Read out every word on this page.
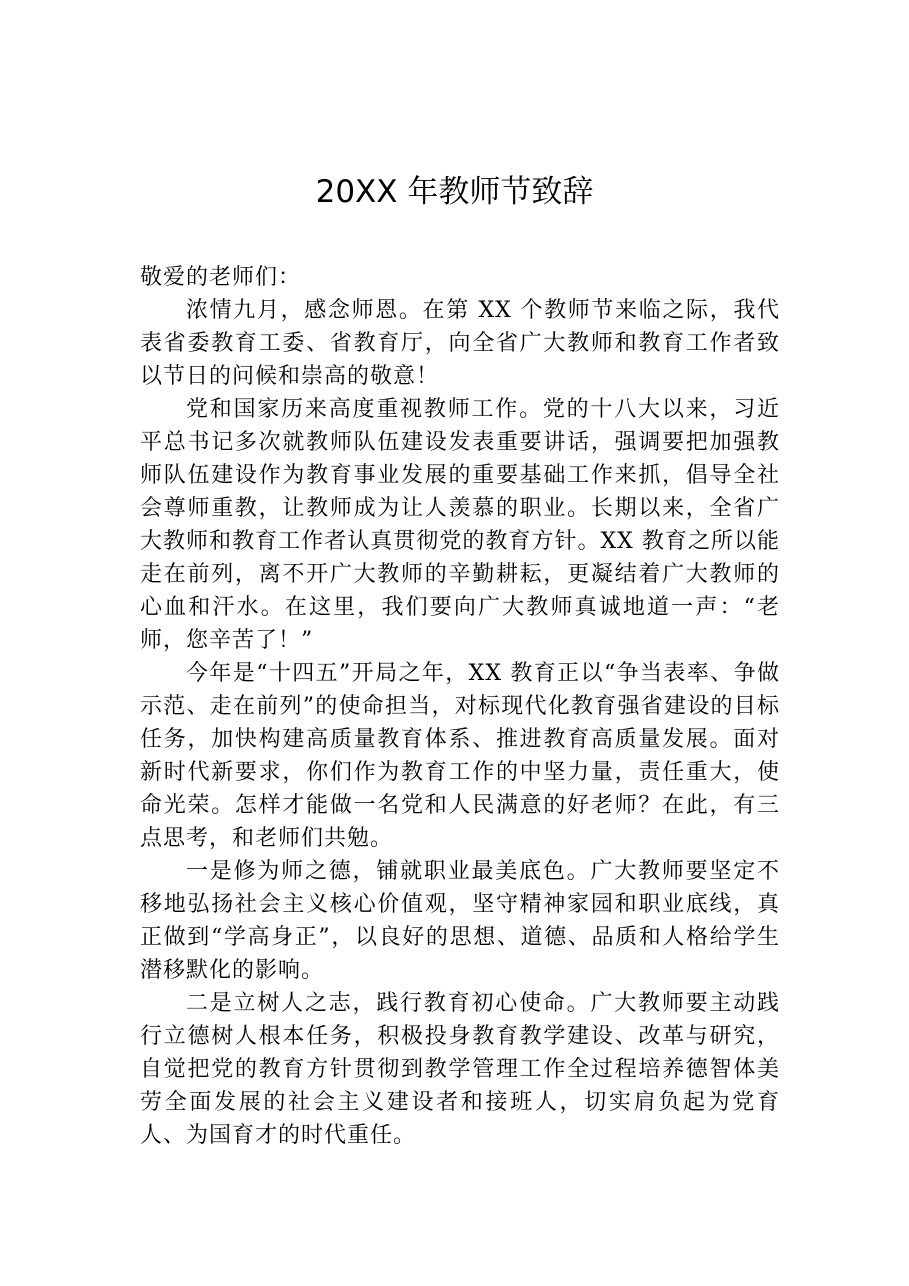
20XX 年教师节致辞

敬爱的老师们：

浓情九月，感念师恩。在第 XX 个教师节来临之际，我代表省委教育工委、省教育厅，向全省广大教师和教育工作者致以节日的问候和崇高的敬意！

党和国家历来高度重视教师工作。党的十八大以来，习近平总书记多次就教师队伍建设发表重要讲话，强调要把加强教师队伍建设作为教育事业发展的重要基础工作来抓，倡导全社会尊师重教，让教师成为让人羡慕的职业。长期以来，全省广大教师和教育工作者认真贯彻党的教育方针。XX 教育之所以能走在前列，离不开广大教师的辛勤耕耘，更凝结着广大教师的心血和汗水。在这里，我们要向广大教师真诚地道一声：“老师，您辛苦了！”

今年是“十四五”开局之年，XX 教育正以“争当表率、争做示范、走在前列”的使命担当，对标现代化教育强省建设的目标任务，加快构建高质量教育体系、推进教育高质量发展。面对新时代新要求，你们作为教育工作的中坚力量，责任重大，使命光荣。怎样才能做一名党和人民满意的好老师？在此，有三点思考，和老师们共勉。

一是修为师之德，铺就职业最美底色。广大教师要坚定不移地弘扬社会主义核心价值观，坚守精神家园和职业底线，真正做到“学高身正”，以良好的思想、道德、品质和人格给学生潜移默化的影响。

二是立树人之志，践行教育初心使命。广大教师要主动践行立德树人根本任务，积极投身教育教学建设、改革与研究，自觉把党的教育方针贯彻到教学管理工作全过程培养德智体美劳全面发展的社会主义建设者和接班人，切实肩负起为党育人、为国育才的时代重任。
